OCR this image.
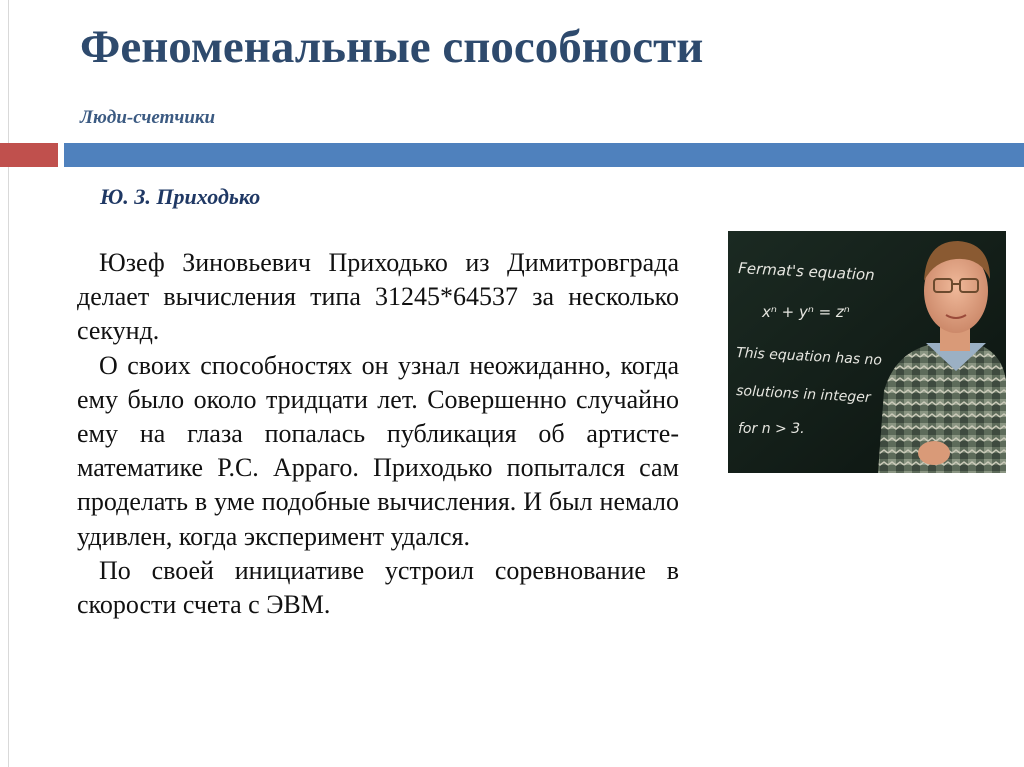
Феноменальные способности
Люди-счетчики
Ю. З. Приходько

Юзеф Зиновьевич Приходько из Димитровграда делает вычисления типа 31245*64537 за несколько секунд.

О своих способностях он узнал неожиданно, когда ему было около тридцати лет. Совершенно случайно ему на глаза попалась публикация об артисте-математике Р.С. Арраго. Приходько попытался сам проделать в уме подобные вычисления. И был немало удивлен, когда эксперимент удался.

По своей инициативе устроил соревнование в скорости счета с ЭВМ.

Fermat's equation
xⁿ + yⁿ = zⁿ
This equation has no
solutions in integer
for n > 3.
